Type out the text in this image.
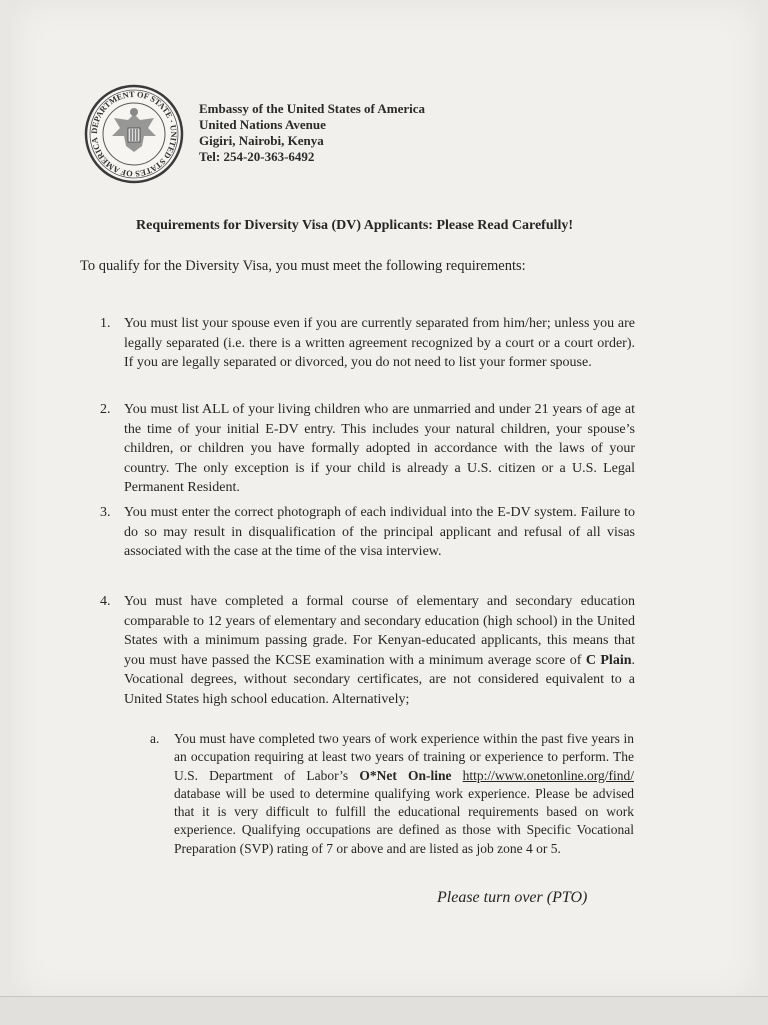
DEPARTMENT OF STATE · UNITED STATES OF AMERICA
Embassy of the United States of America
United Nations Avenue
Gigiri, Nairobi, Kenya
Tel: 254-20-363-6492
Requirements for Diversity Visa (DV) Applicants: Please Read Carefully!
To qualify for the Diversity Visa, you must meet the following requirements:
1. You must list your spouse even if you are currently separated from him/her; unless you are legally separated (i.e. there is a written agreement recognized by a court or a court order). If you are legally separated or divorced, you do not need to list your former spouse.
2. You must list ALL of your living children who are unmarried and under 21 years of age at the time of your initial E-DV entry. This includes your natural children, your spouse’s children, or children you have formally adopted in accordance with the laws of your country. The only exception is if your child is already a U.S. citizen or a U.S. Legal Permanent Resident.
3. You must enter the correct photograph of each individual into the E-DV system. Failure to do so may result in disqualification of the principal applicant and refusal of all visas associated with the case at the time of the visa interview.
4. You must have completed a formal course of elementary and secondary education comparable to 12 years of elementary and secondary education (high school) in the United States with a minimum passing grade. For Kenyan-educated applicants, this means that you must have passed the KCSE examination with a minimum average score of C Plain. Vocational degrees, without secondary certificates, are not considered equivalent to a United States high school education. Alternatively;
a. You must have completed two years of work experience within the past five years in an occupation requiring at least two years of training or experience to perform. The U.S. Department of Labor’s O*Net On-line http://www.onetonline.org/find/ database will be used to determine qualifying work experience. Please be advised that it is very difficult to fulfill the educational requirements based on work experience. Qualifying occupations are defined as those with Specific Vocational Preparation (SVP) rating of 7 or above and are listed as job zone 4 or 5.
Please turn over (PTO)
